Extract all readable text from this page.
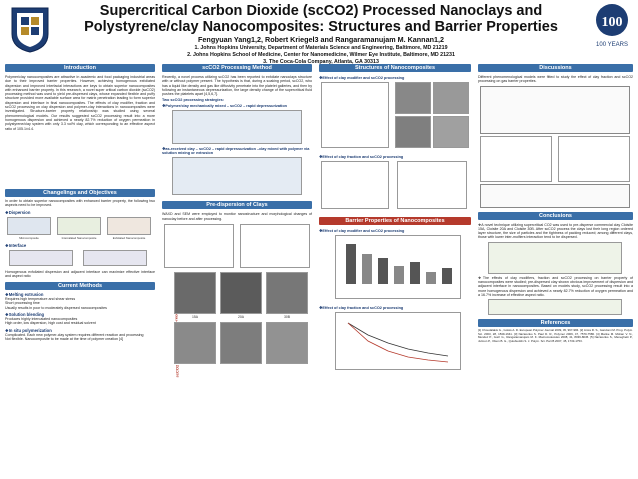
Supercritical Carbon Dioxide (scCO2) Processed Nanoclays and
Polystyrene/clay Nanocomposites: Structures and Barrier Properties
Fengyuan Yang1,2, Robert Kriegel3 and Rangaramanujam M. Kannan1,2
1. Johns Hopkins University, Department of Materials Science and Engineering, Baltimore, MD 21219
2. Johns Hopkins School of Medicine, Center for Nanomedicine, Wilmer Eye Institute, Baltimore, MD 21231
3. The Coca-Cola Company, Atlanta, GA 30313
100
100 YEARS
Introduction
Polymer/clay nanocomposites are attractive in academic and food packaging industrial areas due to their improved barrier properties. However, achieving homogenous exfoliated dispersion and improved interfacial interactions are keys to obtain superior nanocomposites with enhanced barrier property. In this research, a novel super critical carbon dioxide (scCO2) processing method was used to yield pre-dispersed clays, whose expanded flexible and puffy structure provided more available surface area for matrix penetration leading to form superior dispersion and interface in final nanocomposites. The effects of clay modifier, fraction and scCO2 processing on clay dispersion and polymer-clay interactions in nanocomposites were investigated. Structure-barrier property relationship was studied using several phenomenological models. Our results suggested scCO2 processing result into a more homogenous dispersion and achieved a nearly 82.7% reduction of oxygen permeation in polystyrene/clay system with only 3.3 vol% clay, which corresponding to an effective aspect ratio of 105.1±4.4.
Changelings and Objectives
In order to obtain superior nanocomposites with enhanced barrier property, the following two aspects need to be improved.
❖Dispersion
Microcomposite	Intercalated Nanocomposite	Exfoliated Nanocomposite
❖Interface
Homogenous exfoliated dispersion and adjacent interface can maximize effective interface and aspect ratio
Current Methods
❖Melting extrusion
Requires high temperature and shear stress
Short processing time
Usually results in poor to moderately dispersed nanocomposites
❖Solution blending
Produces highly intercalated nanocomposites
High order, low dispersion, high cost and residual solvent
❖In situ polymerization
Complicated. Each new polymer-clay system requires different reaction and processing
Not flexible. Nanocomposite to be made at the time of polymer creation [4]
scCO2 Processing Method
Recently, a novel process utilizing scCO2 has been reported to exfoliate nanoclays structure with or without polymer present. The hypothesis is that, during a soaking period, scCO2, who has a liquid like density and gas like diffusivity penetrate into the platelet galleries, and then by following an instantaneous depressurization, the large density change of the supercritical fluid pushes the platelets apart [4,5,6,7].
Two scCO2 processing strategies:
❖Polymer/clay mechanically mixed – scCO2 – rapid depressurization
❖as-received clay – scCO2 – rapid depressurization –clay mixed with polymer via solution mixing or extrusion
Pre-dispersion of Clays
WAXD and SEM were employed to monitor nanostructure and morphological changes of nanoclay before and after processing.
15A	20A	30B
Structures of Nanocomposites
❖Effect of clay modifier and scCO2 processing
❖Effect of clay fraction and scCO2 processing
Barrier Properties of Nanocomposites
❖Effect of clay modifier and scCO2 processing
❖Effect of clay fraction and scCO2 processing
Discussions
Different phenomenological models were fitted to study the effect of clay fraction and scCO2 processing on gas barrier properties.
Conclusions
❖A novel technique utilizing supercritical CO2 was used to pre-disperse commercial clay Cloisite 15A, Cloisite 20A and Cloisite 30B. After scCO2 process the clays lost their long region ordered layer structure, the size of particles and the tightness of packing reduced; among different clays, those with lower inter-molfiers interaction tend to be dispersed.
❖The effects of clay modifiers, fraction and scCO2 processing on barrier property of nanocomposites were studied; pre-dispersed clay shown obvious improvement of dispersion and adjacent interface in nanocomposites. Based on models study, scCO2 processing result into a more homogenous dispersion and achieved a nearly 82.7% reduction of oxygen permeation and a 16.7% increase of effective aspect ratio.
References
[1] Choudalakis G., Gotsis A. D. European Polymer Journal 2009, 45, 967-984. [2] Arora R. S., Gandomi M. Prog. Polym. Sci. 2003, 28, 1539-1641. [3] Nazarenko S. Paul D. R., Polymer 2009, 47, 7570-7580. [4] Manke M. Mohan V. N., Mendez P., Gurri G., Rangaramanujam M. K. Macromolecules 2008, 41, 8036-8045. [5] Nazarenko S., Meneghetti P., Julmon P., Olson B. G., Qutubuddin S. J. Polym. Sci. Part B 2007, 45, 1733-1753.
